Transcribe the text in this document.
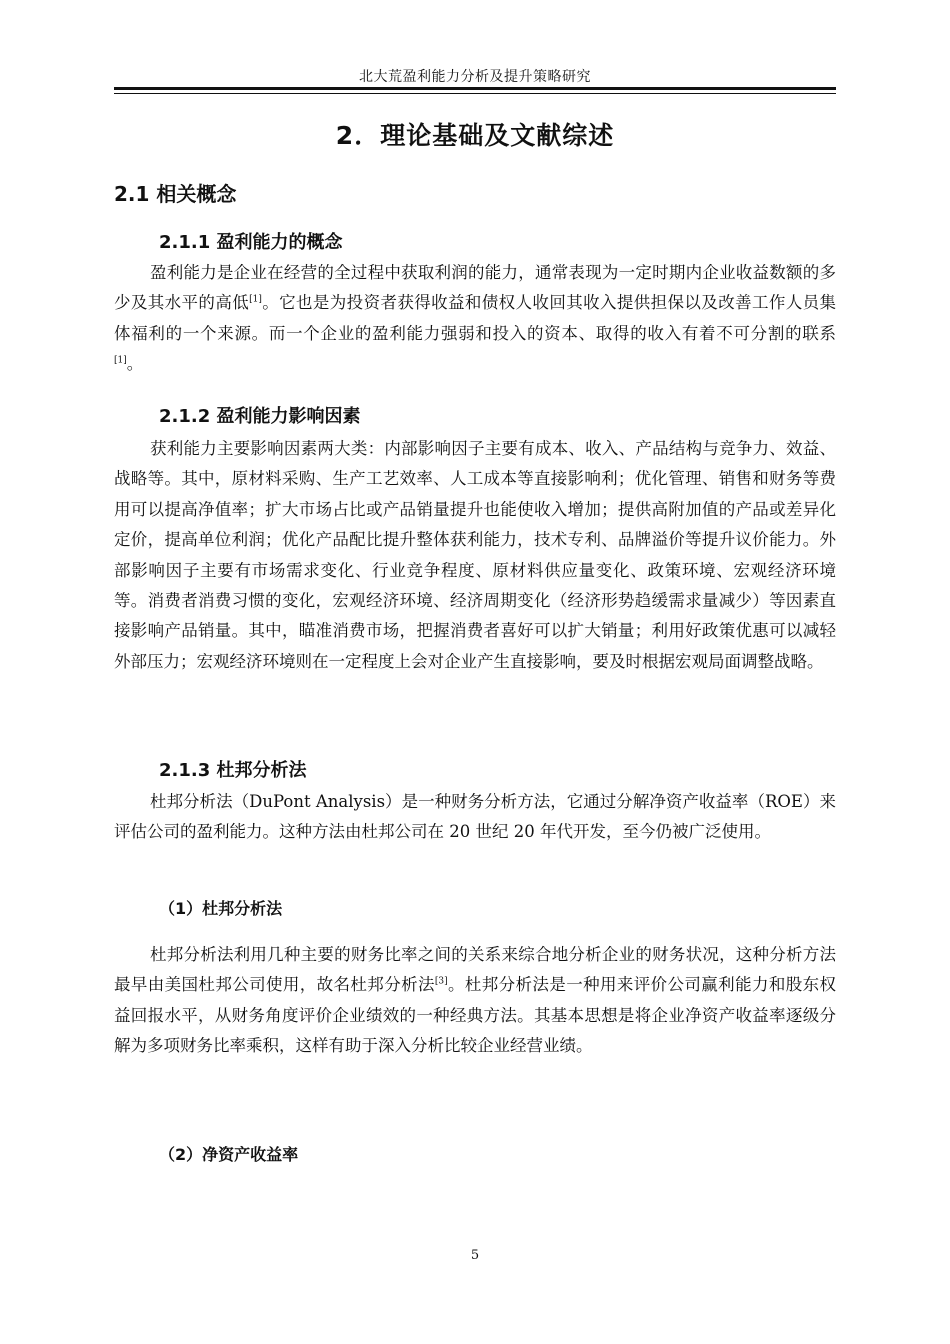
北大荒盈利能力分析及提升策略研究
2．理论基础及文献综述
2.1 相关概念
2.1.1 盈利能力的概念

盈利能力是企业在经营的全过程中获取利润的能力，通常表现为一定时期内企业收益数额的多少及其水平的高低[1]。它也是为投资者获得收益和债权人收回其收入提供担保以及改善工作人员集体福利的一个来源。而一个企业的盈利能力强弱和投入的资本、取得的收入有着不可分割的联系[1]。

2.1.2 盈利能力影响因素

获利能力主要影响因素两大类：内部影响因子主要有成本、收入、产品结构与竞争力、效益、战略等。其中，原材料采购、生产工艺效率、人工成本等直接影响利；优化管理、销售和财务等费用可以提高净值率；扩大市场占比或产品销量提升也能使收入增加；提供高附加值的产品或差异化定价，提高单位利润；优化产品配比提升整体获利能力，技术专利、品牌溢价等提升议价能力。外部影响因子主要有市场需求变化、行业竞争程度、原材料供应量变化、政策环境、宏观经济环境等。消费者消费习惯的变化，宏观经济环境、经济周期变化（经济形势趋缓需求量减少）等因素直接影响产品销量。其中，瞄准消费市场，把握消费者喜好可以扩大销量；利用好政策优惠可以减轻外部压力；宏观经济环境则在一定程度上会对企业产生直接影响，要及时根据宏观局面调整战略。

2.1.3 杜邦分析法

杜邦分析法（DuPont Analysis）是一种财务分析方法，它通过分解净资产收益率（ROE）来评估公司的盈利能力。这种方法由杜邦公司在 20 世纪 20 年代开发，至今仍被广泛使用。

（1）杜邦分析法

杜邦分析法利用几种主要的财务比率之间的关系来综合地分析企业的财务状况，这种分析方法最早由美国杜邦公司使用，故名杜邦分析法[3]。杜邦分析法是一种用来评价公司赢利能力和股东权益回报水平，从财务角度评价企业绩效的一种经典方法。其基本思想是将企业净资产收益率逐级分解为多项财务比率乘积，这样有助于深入分析比较企业经营业绩。

（2）净资产收益率
5
